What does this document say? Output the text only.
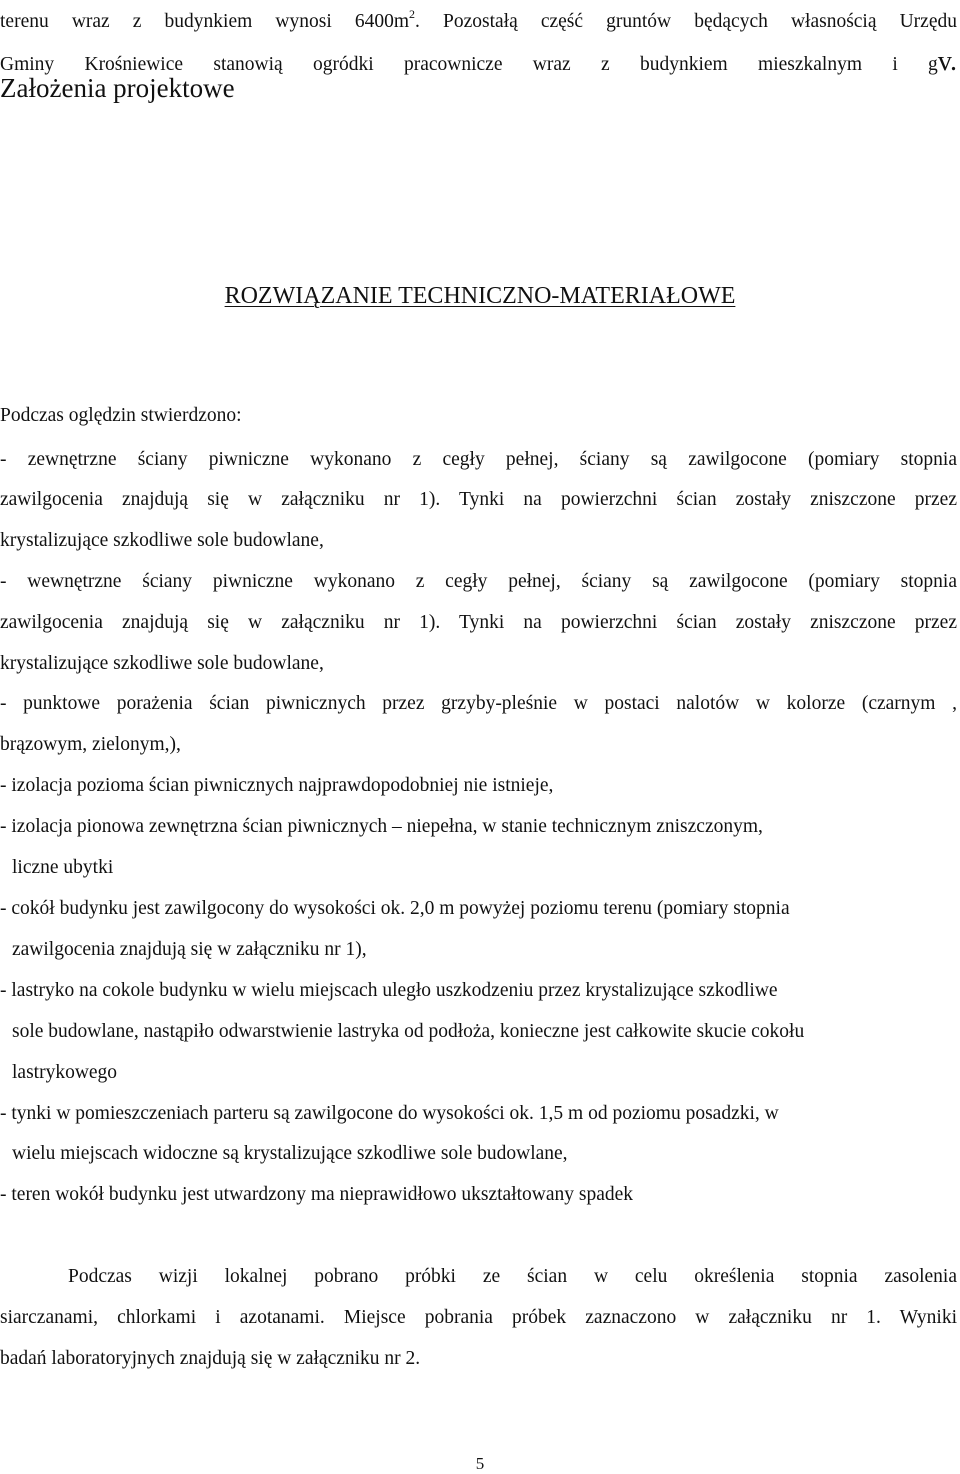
terenu wraz z budynkiem wynosi $6400m^2$. Pozostałą część gruntów będących własnością Urzędu
Gminy Krośniewice stanowią ogródki pracownicze wraz z budynkiem mieszkalnym i gv.
Założenia projektowe
ROZWIĄZANIE TECHNICZNO-MATERIAŁOWE
Podczas oględzin stwierdzono:
- zewnętrzne ściany piwniczne wykonano z cegły pełnej, ściany są zawilgocone (pomiary stopnia
zawilgocenia znajdują się w załączniku nr 1). Tynki na powierzchni ścian zostały zniszczone przez
krystalizujące szkodliwe sole budowlane,
- wewnętrzne ściany piwniczne wykonano z cegły pełnej, ściany są zawilgocone (pomiary stopnia
zawilgocenia znajdują się w załączniku nr 1). Tynki na powierzchni ścian zostały zniszczone przez
krystalizujące szkodliwe sole budowlane,
- punktowe porażenia ścian piwnicznych przez grzyby-pleśnie w postaci nalotów w kolorze (czarnym ,
brązowym, zielonym,),
- izolacja pozioma ścian piwnicznych najprawdopodobniej nie istnieje,
- izolacja pionowa zewnętrzna ścian piwnicznych – niepełna, w stanie technicznym zniszczonym,
liczne ubytki
- cokół budynku jest zawilgocony do wysokości ok. 2,0 m powyżej poziomu terenu (pomiary stopnia
zawilgocenia znajdują się w załączniku nr 1),
- lastryko na cokole budynku w wielu miejscach uległo uszkodzeniu przez krystalizujące szkodliwe
sole budowlane, nastąpiło odwarstwienie lastryka od podłoża, konieczne jest całkowite skucie cokołu
lastrykowego
- tynki w pomieszczeniach parteru są zawilgocone do wysokości ok. 1,5 m od poziomu posadzki, w
wielu miejscach widoczne są krystalizujące szkodliwe sole budowlane,
- teren wokół budynku jest utwardzony ma nieprawidłowo ukształtowany spadek
Podczas wizji lokalnej pobrano próbki ze ścian w celu określenia stopnia zasolenia
siarczanami, chlorkami i azotanami. Miejsce pobrania próbek zaznaczono w załączniku nr 1. Wyniki
badań laboratoryjnych znajdują się w załączniku nr 2.
5
